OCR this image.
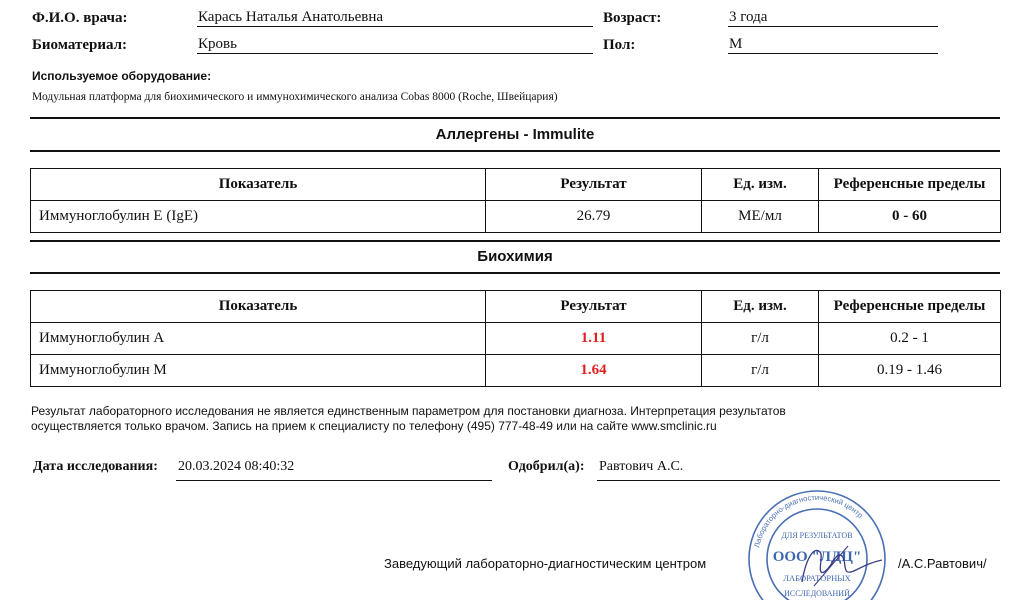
Ф.И.О. врача:	Карась Наталья Анатольевна	Возраст:	3 года
Биоматериал:	Кровь	Пол:	М
Используемое оборудование:
Модульная платформа для биохимического и иммунохимического анализа Cobas 8000 (Roche, Швейцария)
Аллергены - Immulite
Показатель	Результат	Ед. изм.	Референсные пределы
Иммуноглобулин Е (IgE)	26.79	МЕ/мл	0 - 60
Биохимия
Показатель	Результат	Ед. изм.	Референсные пределы
Иммуноглобулин А	1.11	г/л	0.2 - 1
Иммуноглобулин М	1.64	г/л	0.19 - 1.46
Результат лабораторного исследования не является единственным параметром для постановки диагноза. Интерпретация результатов
осуществляется только врачом. Запись на прием к специалисту по телефону (495) 777-48-49 или на сайте www.smclinic.ru
Дата исследования: 20.03.2024 08:40:32	Одобрил(а): Равтович А.С.
Заведующий лабораторно-диагностическим центром
Лабораторно-диагностический центр
ДЛЯ РЕЗУЛЬТАТОВ
ООО "ЛДЦ"
ЛАБОРАТОРНЫХ
ИССЛЕДОВАНИЙ
/А.С.Равтович/
